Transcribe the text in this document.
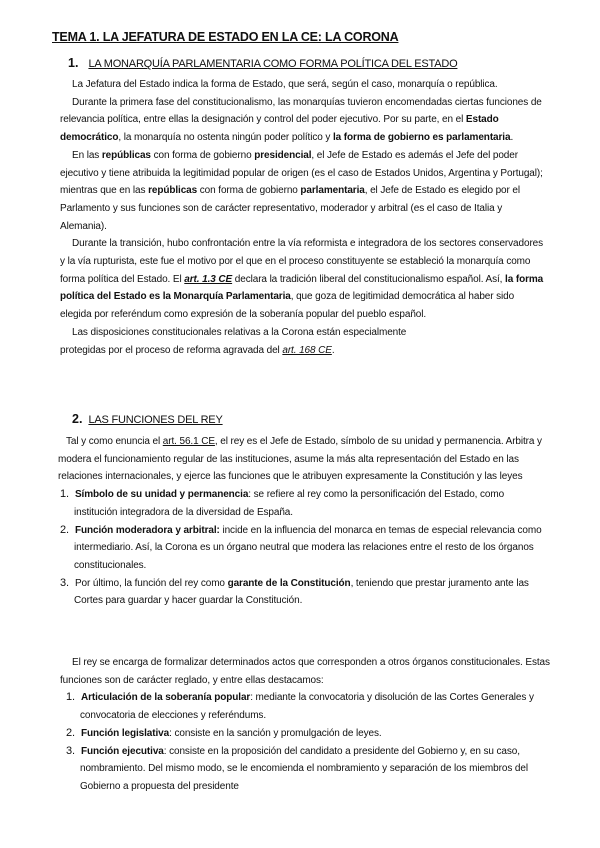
TEMA 1. LA JEFATURA DE ESTADO EN LA CE: LA CORONA
1. LA MONARQUÍA PARLAMENTARIA COMO FORMA POLÍTICA DEL ESTADO

La Jefatura del Estado indica la forma de Estado, que será, según el caso, monarquía o república.

Durante la primera fase del constitucionalismo, las monarquías tuvieron encomendadas ciertas funciones de relevancia política, entre ellas la designación y control del poder ejecutivo. Por su parte, en el Estado democrático, la monarquía no ostenta ningún poder político y la forma de gobierno es parlamentaria.

En las repúblicas con forma de gobierno presidencial, el Jefe de Estado es además el Jefe del poder ejecutivo y tiene atribuida la legitimidad popular de origen (es el caso de Estados Unidos, Argentina y Portugal); mientras que en las repúblicas con forma de gobierno parlamentaria, el Jefe de Estado es elegido por el Parlamento y sus funciones son de carácter representativo, moderador y arbitral (es el caso de Italia y Alemania).

Durante la transición, hubo confrontación entre la vía reformista e integradora de los sectores conservadores y la vía rupturista, este fue el motivo por el que en el proceso constituyente se estableció la monarquía como forma política del Estado. El art. 1.3 CE declara la tradición liberal del constitucionalismo español. Así, la forma política del Estado es la Monarquía Parlamentaria, que goza de legitimidad democrática al haber sido elegida por referéndum como expresión de la soberanía popular del pueblo español.

Las disposiciones constitucionales relativas a la Corona están especialmente

protegidas por el proceso de reforma agravada del art. 168 CE.

2. LAS FUNCIONES DEL REY

Tal y como enuncia el art. 56.1 CE, el rey es el Jefe de Estado, símbolo de su unidad y permanencia. Arbitra y modera el funcionamiento regular de las instituciones, asume la más alta representación del Estado en las relaciones internacionales, y ejerce las funciones que le atribuyen expresamente la Constitución y las leyes

1. Símbolo de su unidad y permanencia: se refiere al rey como la personificación del Estado, como institución integradora de la diversidad de España.
2. Función moderadora y arbitral: incide en la influencia del monarca en temas de especial relevancia como intermediario. Así, la Corona es un órgano neutral que modera las relaciones entre el resto de los órganos constitucionales.
3. Por último, la función del rey como garante de la Constitución, teniendo que prestar juramento ante las Cortes para guardar y hacer guardar la Constitución.

El rey se encarga de formalizar determinados actos que corresponden a otros órganos constitucionales. Estas funciones son de carácter reglado, y entre ellas destacamos:

1. Articulación de la soberanía popular: mediante la convocatoria y disolución de las Cortes Generales y convocatoria de elecciones y referéndums.
2. Función legislativa: consiste en la sanción y promulgación de leyes.
3. Función ejecutiva: consiste en la proposición del candidato a presidente del Gobierno y, en su caso, nombramiento. Del mismo modo, se le encomienda el nombramiento y separación de los miembros del Gobierno a propuesta del presidente
